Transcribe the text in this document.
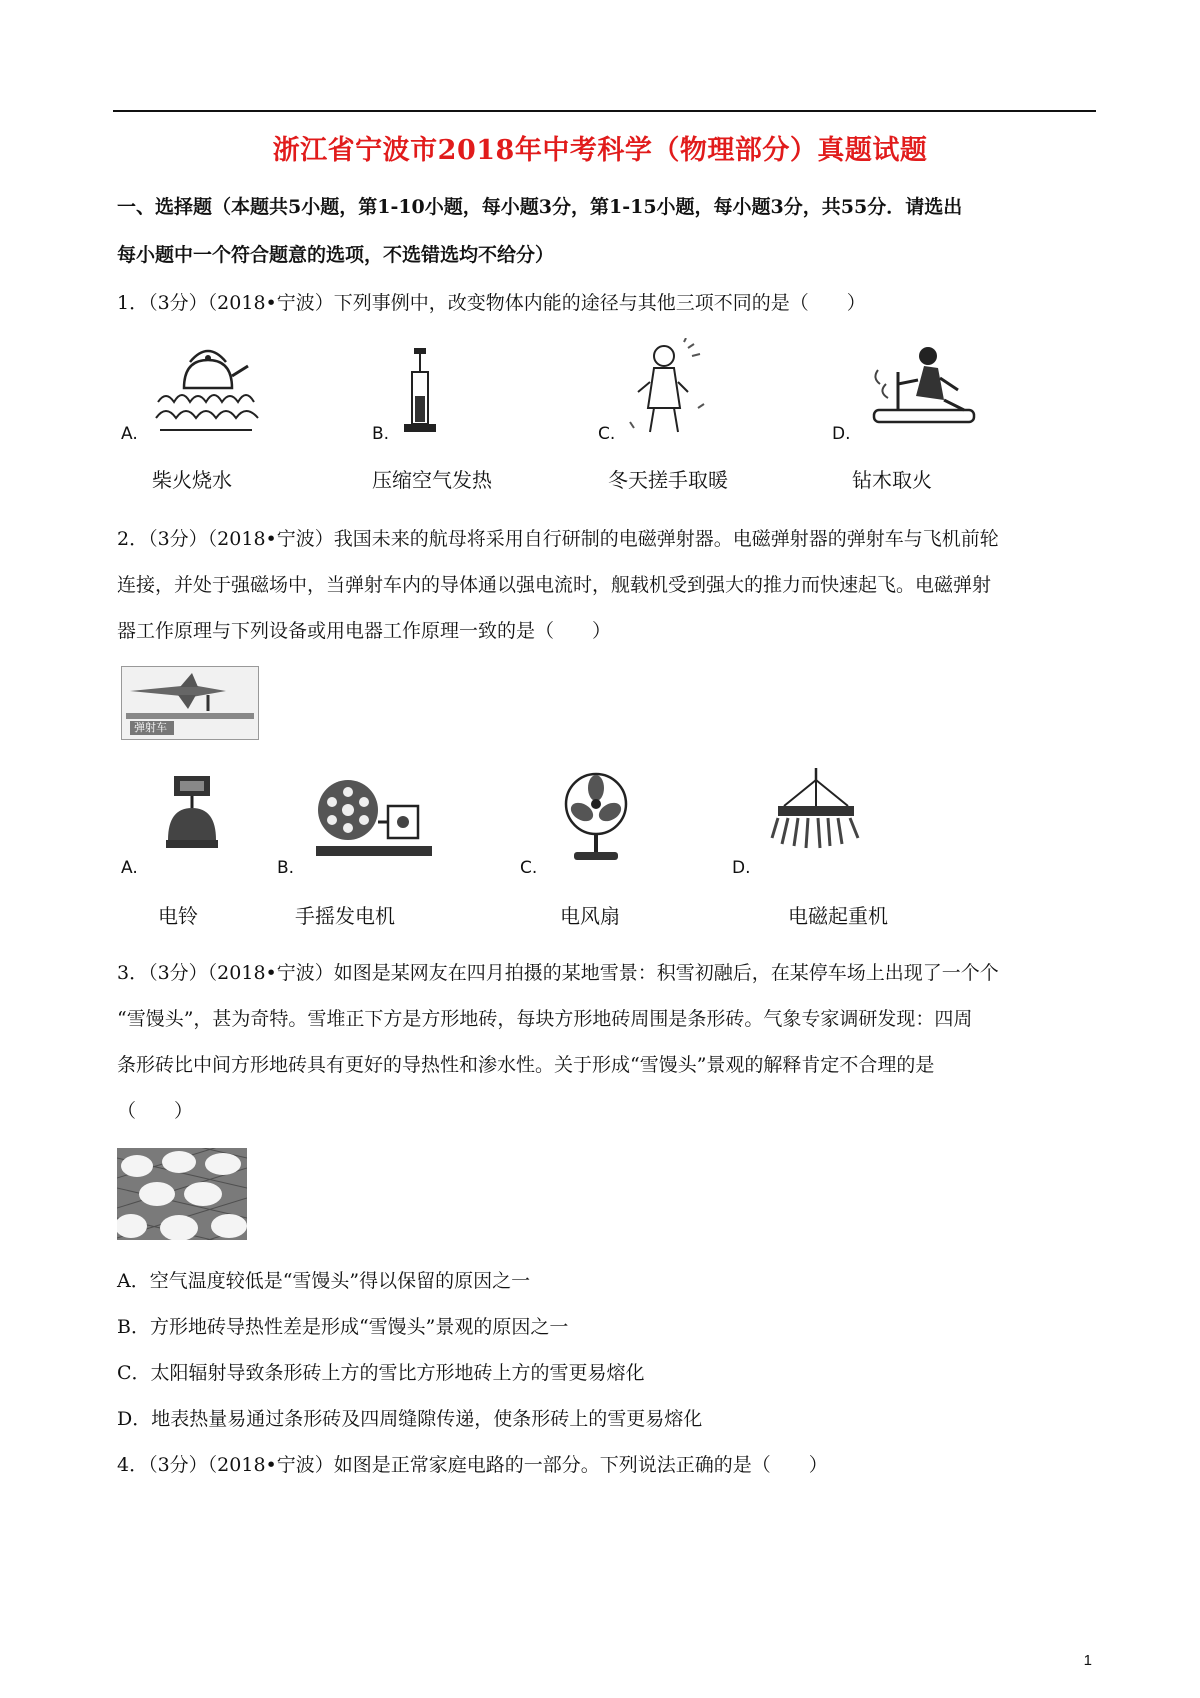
浙江省宁波市2018年中考科学（物理部分）真题试题
一、选择题（本题共5小题，第1-10小题，每小题3分，第1-15小题，每小题3分，共55分．请选出
每小题中一个符合题意的选项，不选错选均不给分）
1．（3分）（2018•宁波）下列事例中，改变物体内能的途径与其他三项不同的是（　　）
A.
柴火烧水
B.
压缩空气发热
C.
冬天搓手取暖
D.
钻木取火
2．（3分）（2018•宁波）我国未来的航母将采用自行研制的电磁弹射器。电磁弹射器的弹射车与飞机前轮
连接，并处于强磁场中，当弹射车内的导体通以强电流时，舰载机受到强大的推力而快速起飞。电磁弹射
器工作原理与下列设备或用电器工作原理一致的是（　　）
弹射车
A.
电铃
B.
手摇发电机
C.
电风扇
D.
电磁起重机
3．（3分）（2018•宁波）如图是某网友在四月拍摄的某地雪景：积雪初融后，在某停车场上出现了一个个
“雪馒头”，甚为奇特。雪堆正下方是方形地砖，每块方形地砖周围是条形砖。气象专家调研发现：四周
条形砖比中间方形地砖具有更好的导热性和渗水性。关于形成“雪馒头”景观的解释肯定不合理的是
（　　）
A．空气温度较低是“雪馒头”得以保留的原因之一
B．方形地砖导热性差是形成“雪馒头”景观的原因之一
C．太阳辐射导致条形砖上方的雪比方形地砖上方的雪更易熔化
D．地表热量易通过条形砖及四周缝隙传递，使条形砖上的雪更易熔化
4．（3分）（2018•宁波）如图是正常家庭电路的一部分。下列说法正确的是（　　）
1
